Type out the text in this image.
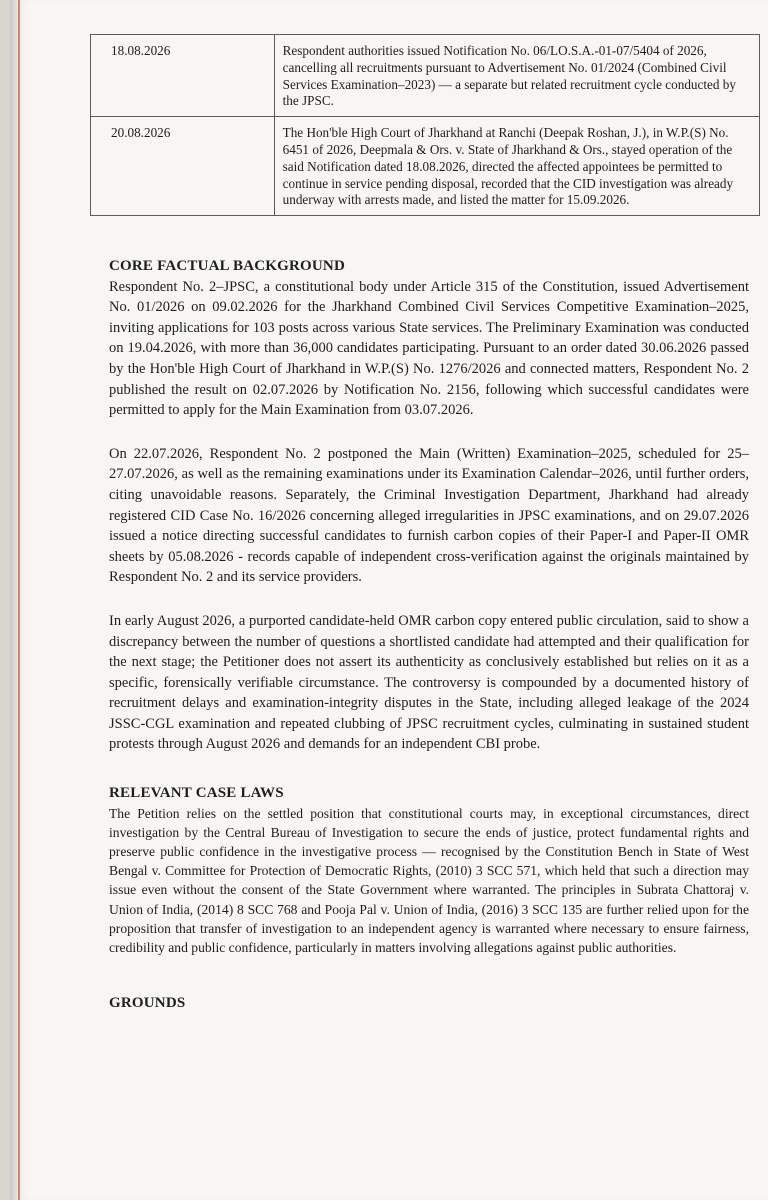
18.08.2026	Respondent authorities issued Notification No. 06/LO.S.A.-01-07/5404 of 2026, cancelling all recruitments pursuant to Advertisement No. 01/2024 (Combined Civil Services Examination–2023) — a separate but related recruitment cycle conducted by the JPSC.
20.08.2026	The Hon'ble High Court of Jharkhand at Ranchi (Deepak Roshan, J.), in W.P.(S) No. 6451 of 2026, Deepmala & Ors. v. State of Jharkhand & Ors., stayed operation of the said Notification dated 18.08.2026, directed the affected appointees be permitted to continue in service pending disposal, recorded that the CID investigation was already underway with arrests made, and listed the matter for 15.09.2026.
CORE FACTUAL BACKGROUND

Respondent No. 2–JPSC, a constitutional body under Article 315 of the Constitution, issued Advertisement No. 01/2026 on 09.02.2026 for the Jharkhand Combined Civil Services Competitive Examination–2025, inviting applications for 103 posts across various State services. The Preliminary Examination was conducted on 19.04.2026, with more than 36,000 candidates participating. Pursuant to an order dated 30.06.2026 passed by the Hon'ble High Court of Jharkhand in W.P.(S) No. 1276/2026 and connected matters, Respondent No. 2 published the result on 02.07.2026 by Notification No. 2156, following which successful candidates were permitted to apply for the Main Examination from 03.07.2026.

On 22.07.2026, Respondent No. 2 postponed the Main (Written) Examination–2025, scheduled for 25–27.07.2026, as well as the remaining examinations under its Examination Calendar–2026, until further orders, citing unavoidable reasons. Separately, the Criminal Investigation Department, Jharkhand had already registered CID Case No. 16/2026 concerning alleged irregularities in JPSC examinations, and on 29.07.2026 issued a notice directing successful candidates to furnish carbon copies of their Paper-I and Paper-II OMR sheets by 05.08.2026 - records capable of independent cross-verification against the originals maintained by Respondent No. 2 and its service providers.

In early August 2026, a purported candidate-held OMR carbon copy entered public circulation, said to show a discrepancy between the number of questions a shortlisted candidate had attempted and their qualification for the next stage; the Petitioner does not assert its authenticity as conclusively established but relies on it as a specific, forensically verifiable circumstance. The controversy is compounded by a documented history of recruitment delays and examination-integrity disputes in the State, including alleged leakage of the 2024 JSSC-CGL examination and repeated clubbing of JPSC recruitment cycles, culminating in sustained student protests through August 2026 and demands for an independent CBI probe.

RELEVANT CASE LAWS

The Petition relies on the settled position that constitutional courts may, in exceptional circumstances, direct investigation by the Central Bureau of Investigation to secure the ends of justice, protect fundamental rights and preserve public confidence in the investigative process — recognised by the Constitution Bench in State of West Bengal v. Committee for Protection of Democratic Rights, (2010) 3 SCC 571, which held that such a direction may issue even without the consent of the State Government where warranted. The principles in Subrata Chattoraj v. Union of India, (2014) 8 SCC 768 and Pooja Pal v. Union of India, (2016) 3 SCC 135 are further relied upon for the proposition that transfer of investigation to an independent agency is warranted where necessary to ensure fairness, credibility and public confidence, particularly in matters involving allegations against public authorities.

GROUNDS
